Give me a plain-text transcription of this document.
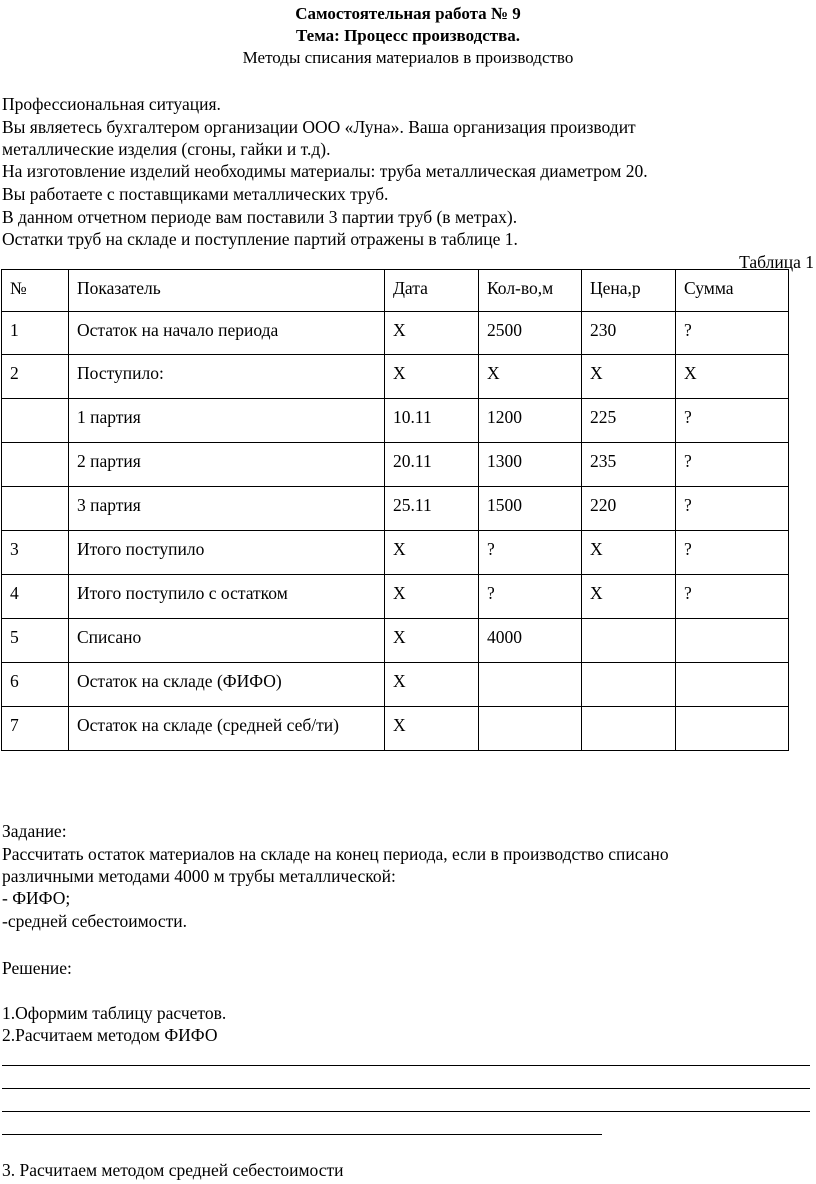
Самостоятельная работа № 9
Тема: Процесс производства.
Методы списания материалов в производство
Профессиональная ситуация.
Вы являетесь бухгалтером организации ООО «Луна». Ваша организация производит
металлические изделия (сгоны, гайки и т.д).
На изготовление изделий необходимы материалы: труба металлическая диаметром 20.
Вы работаете с поставщиками металлических труб.
В данном отчетном периоде вам поставили 3 партии труб (в метрах).
Остатки труб на складе и поступление партий отражены в таблице 1.
Таблица 1
№	Показатель	Дата	Кол-во,м	Цена,р	Сумма
1	Остаток на начало периода	Х	2500	230	?
2	Поступило:	Х	Х	Х	Х
	1 партия	10.11	1200	225	?
	2 партия	20.11	1300	235	?
	3 партия	25.11	1500	220	?
3	Итого поступило	Х	?	Х	?
4	Итого поступило с остатком	Х	?	Х	?
5	Списано	Х	4000		
6	Остаток на складе (ФИФО)	Х			
7	Остаток на складе (средней себ/ти)	Х			
Задание:
Рассчитать остаток материалов на складе на конец периода, если в производство списано
различными методами 4000 м трубы металлической:
- ФИФО;
-средней себестоимости.
Решение:
1.Оформим таблицу расчетов.
2.Расчитаем методом ФИФО
3. Расчитаем методом средней себестоимости
